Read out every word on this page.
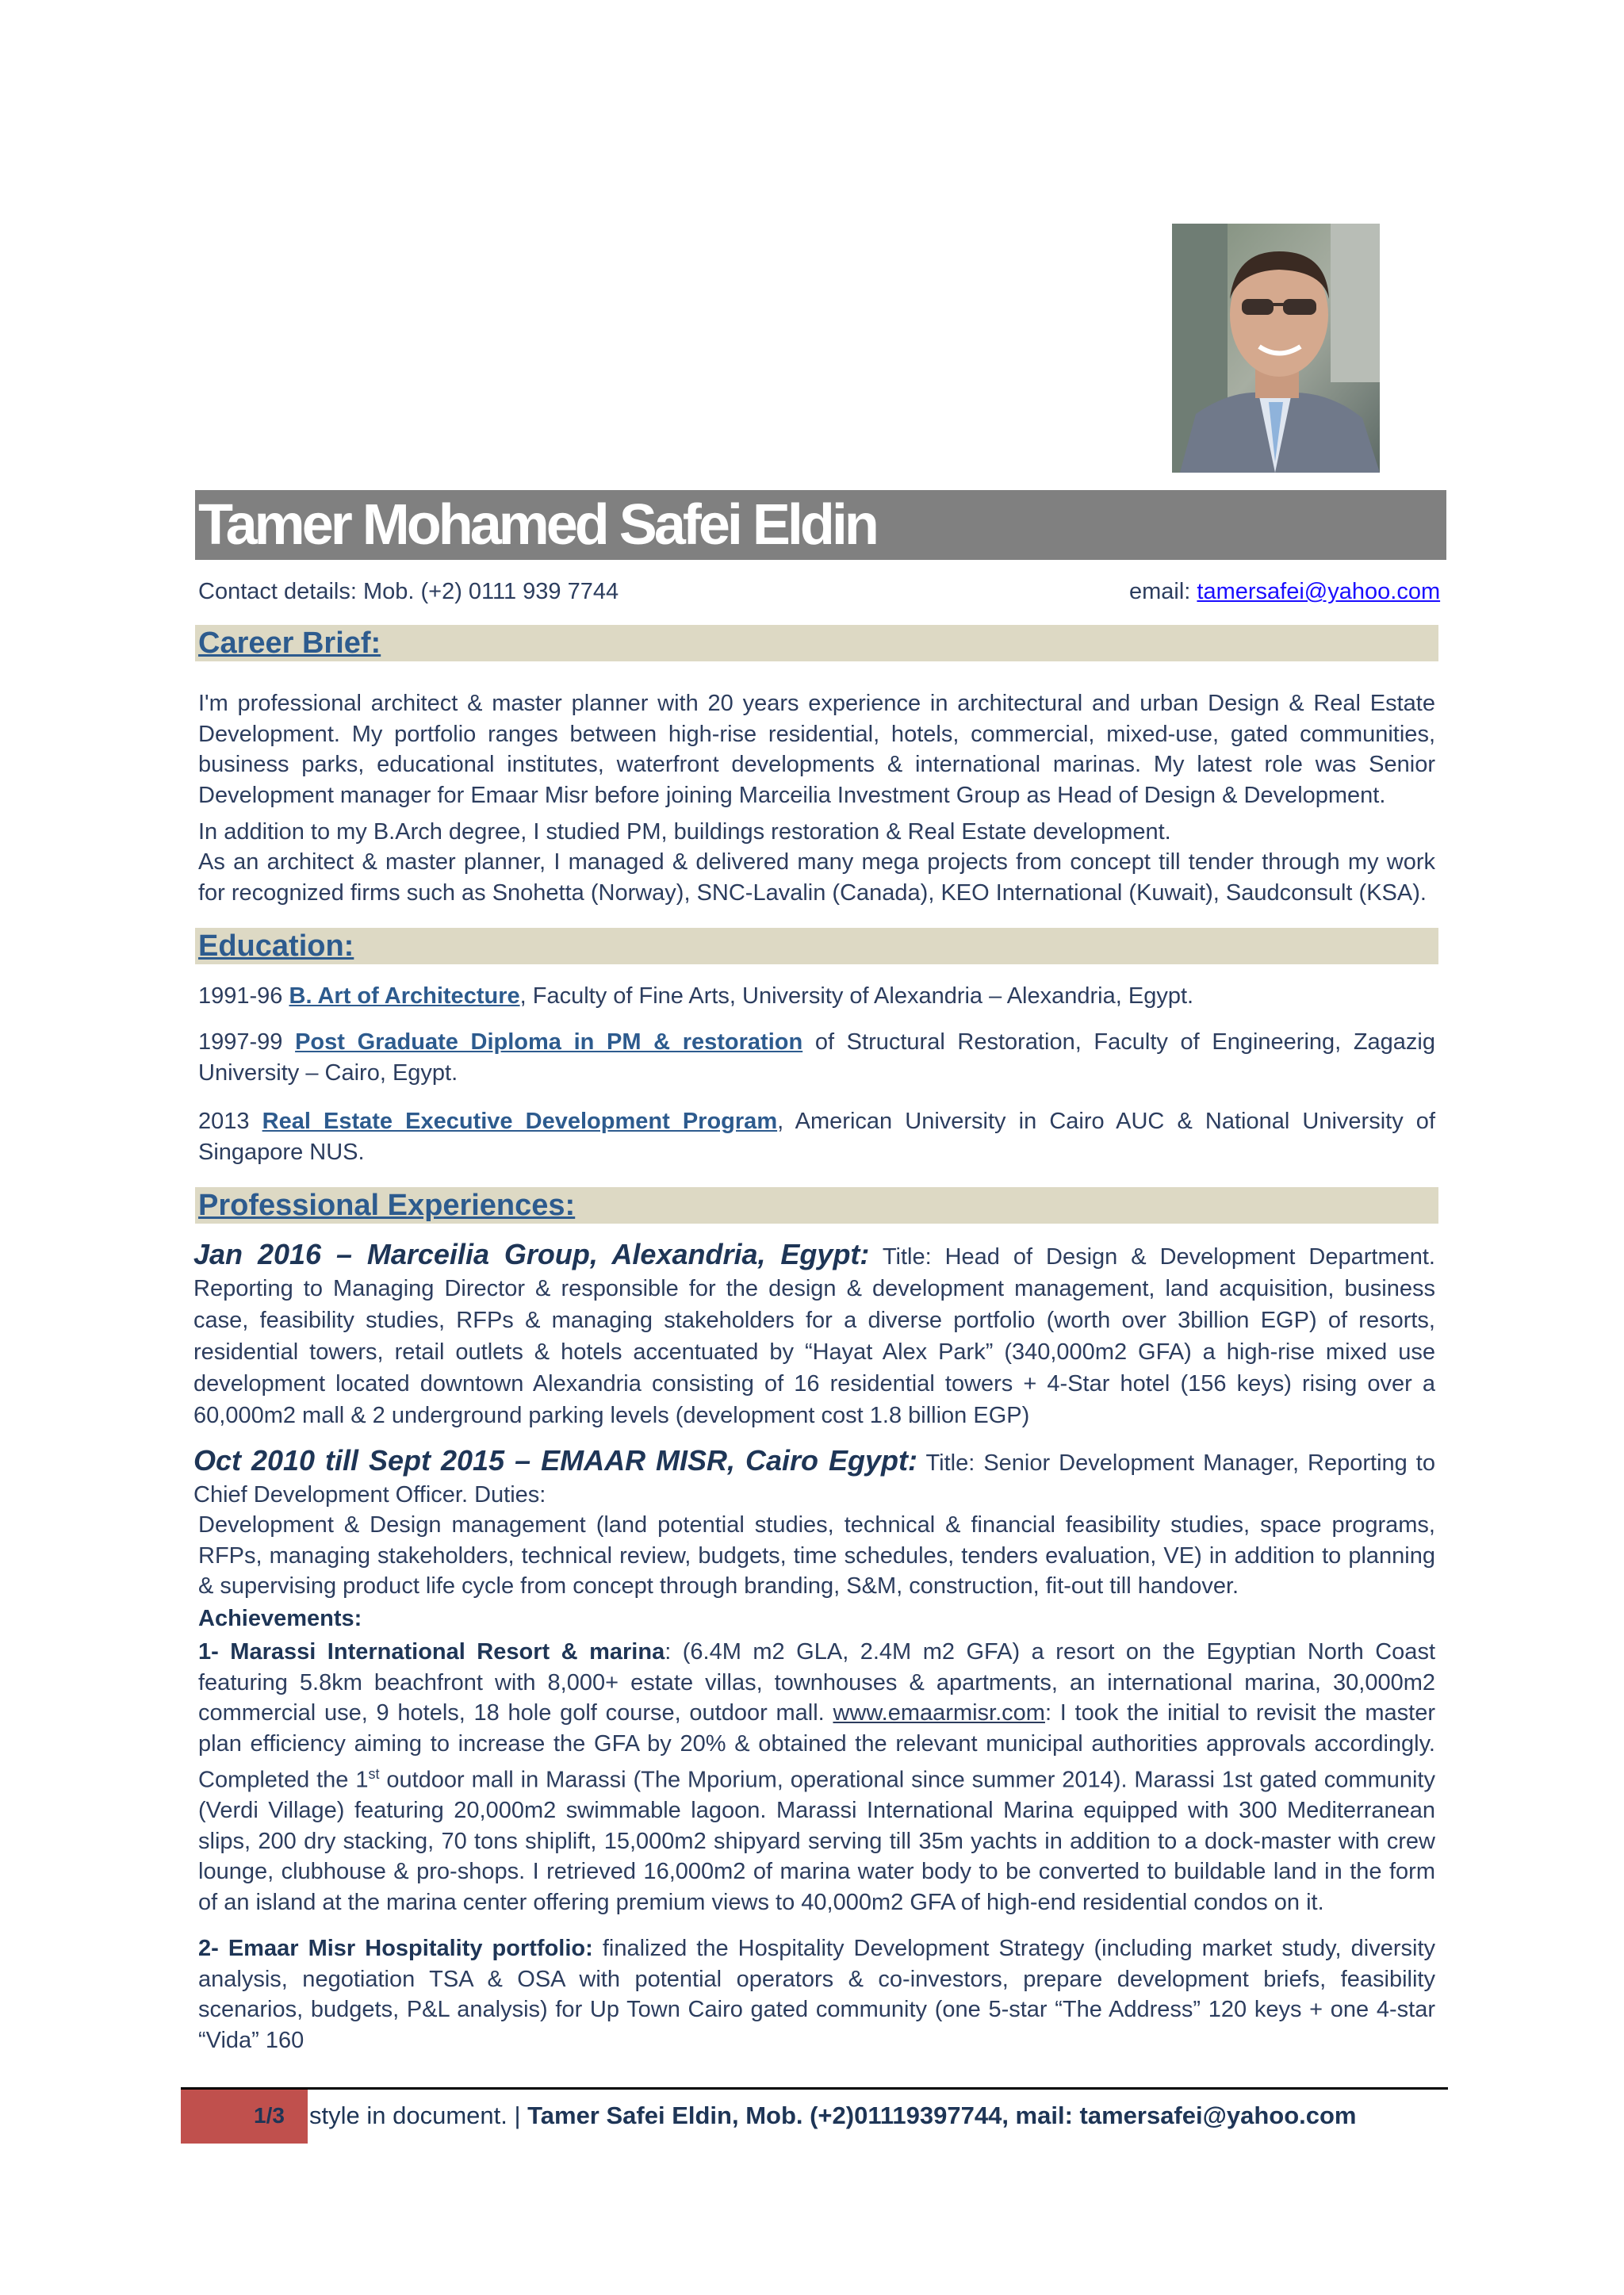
Tamer Mohamed Safei Eldin
Contact details: Mob. (+2) 0111 939 7744	email: tamersafei@yahoo.com
Career Brief:
I'm professional architect & master planner with 20 years experience in architectural and urban Design & Real Estate Development. My portfolio ranges between high-rise residential, hotels, commercial, mixed-use, gated communities, business parks, educational institutes, waterfront developments & international marinas. My latest role was Senior Development manager for Emaar Misr before joining Marceilia Investment Group as Head of Design & Development.
In addition to my B.Arch degree, I studied PM, buildings restoration & Real Estate development.
As an architect & master planner, I managed & delivered many mega projects from concept till tender through my work for recognized firms such as Snohetta (Norway), SNC-Lavalin (Canada), KEO International (Kuwait), Saudconsult (KSA).
Education:
1991-96 B. Art of Architecture, Faculty of Fine Arts, University of Alexandria – Alexandria, Egypt.
1997-99 Post Graduate Diploma in PM & restoration of Structural Restoration, Faculty of Engineering, Zagazig University – Cairo, Egypt.
2013 Real Estate Executive Development Program, American University in Cairo AUC & National University of Singapore NUS.
Professional Experiences:
Jan 2016 – Marceilia Group, Alexandria, Egypt: Title: Head of Design & Development Department. Reporting to Managing Director & responsible for the design & development management, land acquisition, business case, feasibility studies, RFPs & managing stakeholders for a diverse portfolio (worth over 3billion EGP) of resorts, residential towers, retail outlets & hotels accentuated by “Hayat Alex Park” (340,000m2 GFA) a high-rise mixed use development located downtown Alexandria consisting of 16 residential towers + 4-Star hotel (156 keys) rising over a 60,000m2 mall & 2 underground parking levels (development cost 1.8 billion EGP)
Oct 2010 till Sept 2015 – EMAAR MISR, Cairo Egypt: Title: Senior Development Manager, Reporting to Chief Development Officer. Duties:
Development & Design management (land potential studies, technical & financial feasibility studies, space programs, RFPs, managing stakeholders, technical review, budgets, time schedules, tenders evaluation, VE) in addition to planning & supervising product life cycle from concept through branding, S&M, construction, fit-out till handover.
Achievements:
1- Marassi International Resort & marina: (6.4M m2 GLA, 2.4M m2 GFA) a resort on the Egyptian North Coast featuring 5.8km beachfront with 8,000+ estate villas, townhouses & apartments, an international marina, 30,000m2 commercial use, 9 hotels, 18 hole golf course, outdoor mall. www.emaarmisr.com: I took the initial to revisit the master plan efficiency aiming to increase the GFA by 20% & obtained the relevant municipal authorities approvals accordingly. Completed the 1st outdoor mall in Marassi (The Mporium, operational since summer 2014). Marassi 1st gated community (Verdi Village) featuring 20,000m2 swimmable lagoon. Marassi International Marina equipped with 300 Mediterranean slips, 200 dry stacking, 70 tons shiplift, 15,000m2 shipyard serving till 35m yachts in addition to a dock-master with crew lounge, clubhouse & pro-shops. I retrieved 16,000m2 of marina water body to be converted to buildable land in the form of an island at the marina center offering premium views to 40,000m2 GFA of high-end residential condos on it.
2- Emaar Misr Hospitality portfolio: finalized the Hospitality Development Strategy (including market study, diversity analysis, negotiation TSA & OSA with potential operators & co-investors, prepare development briefs, feasibility scenarios, budgets, P&L analysis) for Up Town Cairo gated community (one 5-star “The Address” 120 keys + one 4-star “Vida” 160
1/3 style in document. | Tamer Safei Eldin, Mob. (+2)01119397744, mail: tamersafei@yahoo.com
